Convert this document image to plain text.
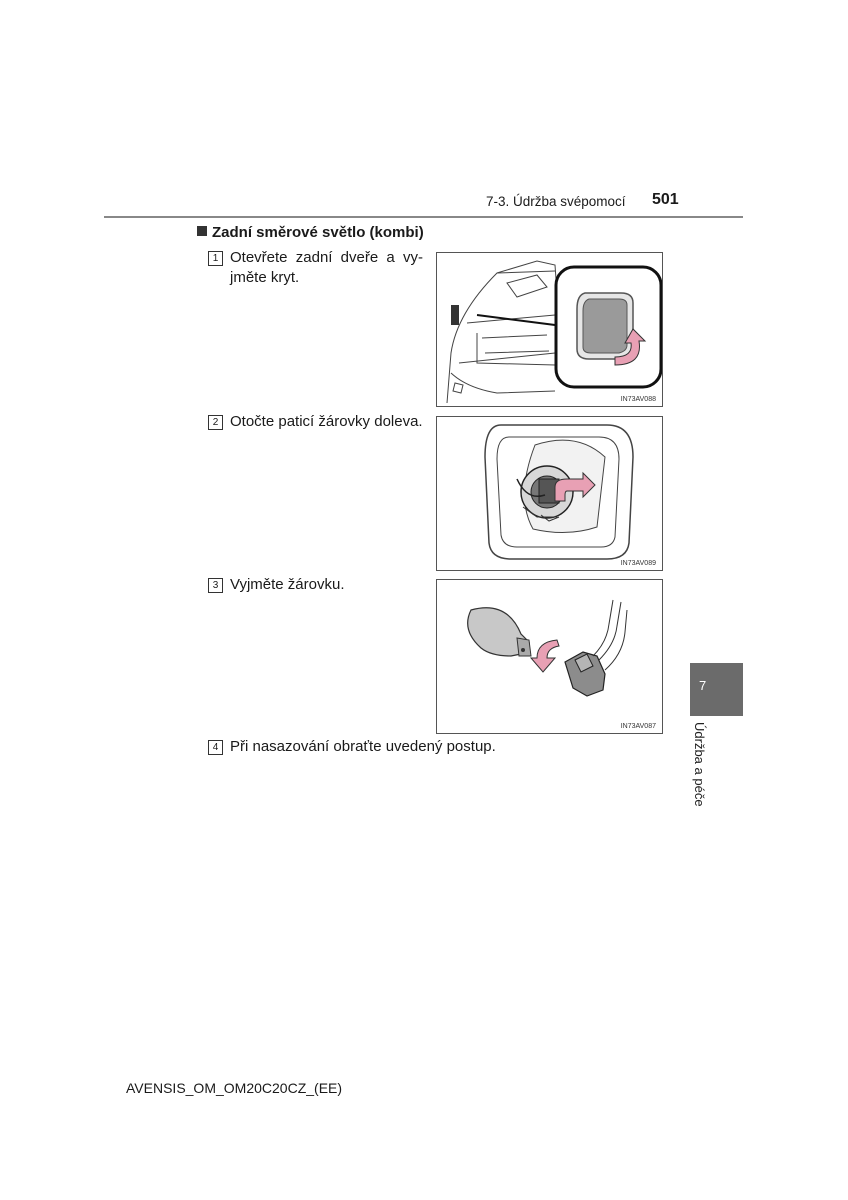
7-3. Údržba svépomocí 501
Zadní směrové světlo (kombi)
1 Otevřete zadní dveře a vy-
jměte kryt.
IN73AV088
2 Otočte paticí žárovky doleva.
IN73AV089
3 Vyjměte žárovku.
IN73AV087
4 Při nasazování obraťte uvedený postup.
7
Údržba a péče
AVENSIS_OM_OM20C20CZ_(EE)
